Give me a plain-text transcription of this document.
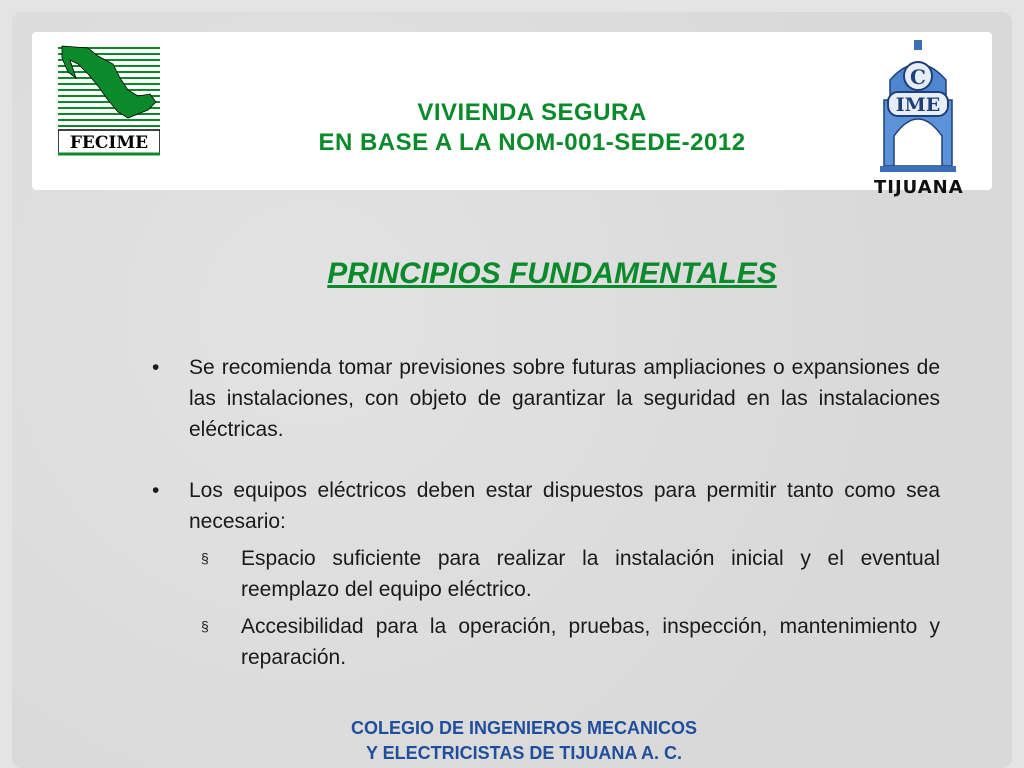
FECIME
VIVIENDA SEGURA
EN BASE A LA NOM-001-SEDE-2012
C
IME
TIJUANA
PRINCIPIOS FUNDAMENTALES
• Se recomienda tomar previsiones sobre futuras ampliaciones o expansiones de las instalaciones, con objeto de garantizar la seguridad en las instalaciones eléctricas.
• Los equipos eléctricos deben estar dispuestos para permitir tanto como sea necesario:
§	Espacio suficiente para realizar la instalación inicial y el eventual reemplazo del equipo eléctrico.
§	Accesibilidad para la operación, pruebas, inspección, mantenimiento y reparación.
COLEGIO DE INGENIEROS MECANICOS
Y ELECTRICISTAS DE TIJUANA A. C.
